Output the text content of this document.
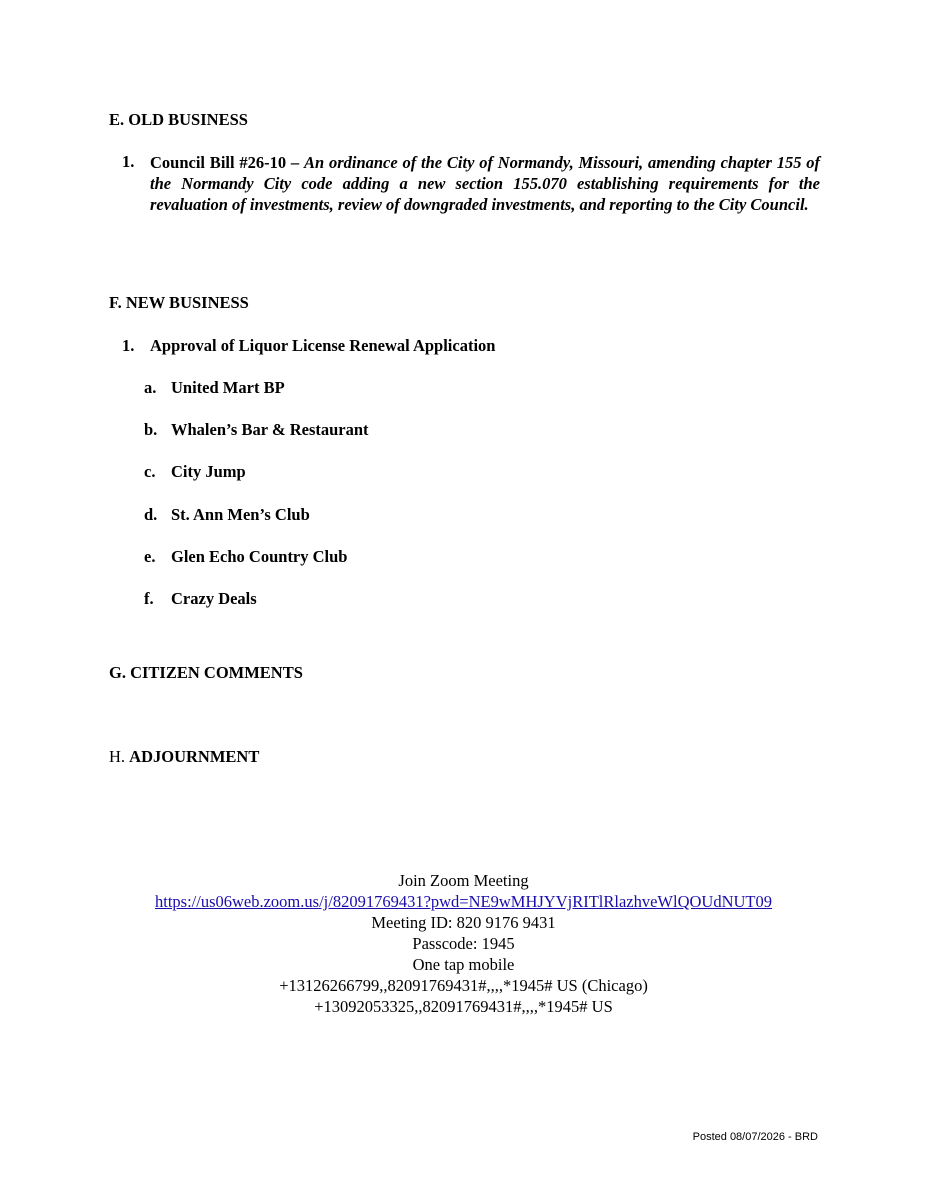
E. OLD BUSINESS
1. Council Bill #26-10 – An ordinance of the City of Normandy, Missouri, amending chapter 155 of the Normandy City code adding a new section 155.070 establishing requirements for the revaluation of investments, review of downgraded investments, and reporting to the City Council.
F. NEW BUSINESS
1. Approval of Liquor License Renewal Application
a. United Mart BP
b. Whalen’s Bar & Restaurant
c. City Jump
d. St. Ann Men’s Club
e. Glen Echo Country Club
f. Crazy Deals
G. CITIZEN COMMENTS
H. ADJOURNMENT
Join Zoom Meeting
https://us06web.zoom.us/j/82091769431?pwd=NE9wMHJYVjRITlRlazhveWlQOUdNUT09
Meeting ID: 820 9176 9431
Passcode: 1945
One tap mobile
+13126266799,,82091769431#,,,,*1945# US (Chicago)
+13092053325,,82091769431#,,,,*1945# US
Posted 08/07/2026 - BRD
